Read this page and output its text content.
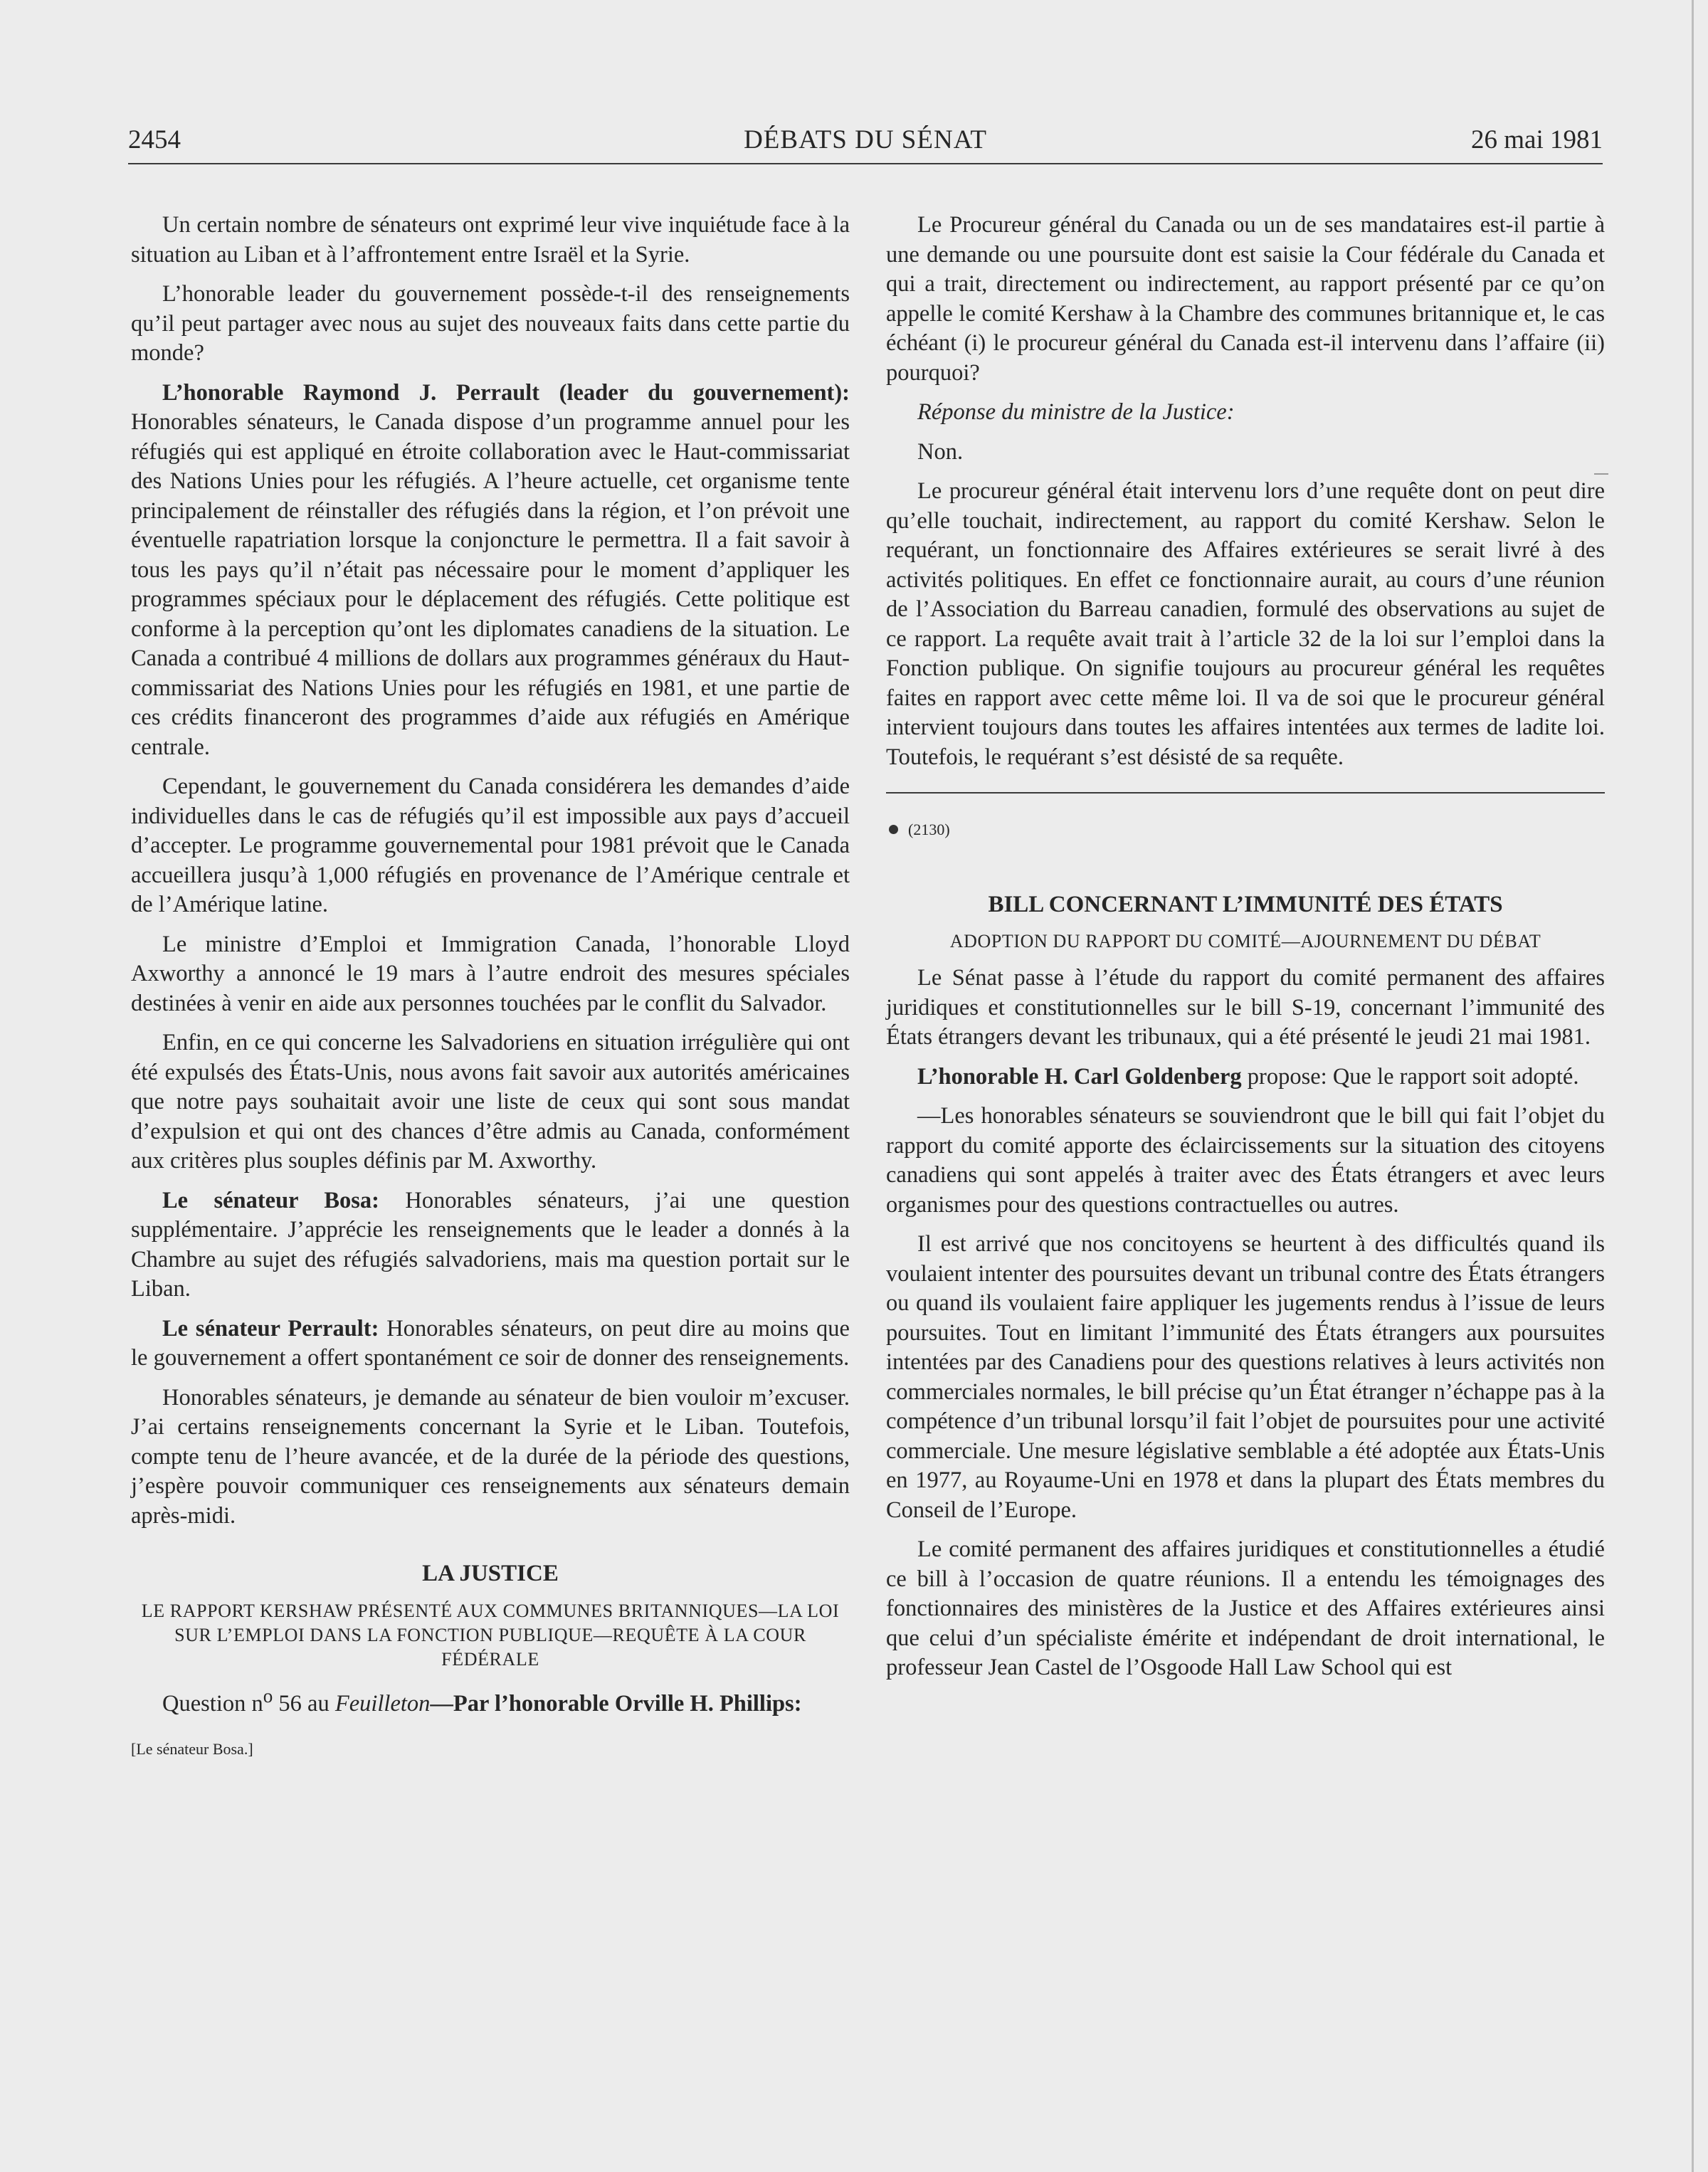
2454	DÉBATS DU SÉNAT	26 mai 1981

Un certain nombre de sénateurs ont exprimé leur vive inquiétude face à la situation au Liban et à l’affrontement entre Israël et la Syrie.

L’honorable leader du gouvernement possède-t-il des renseignements qu’il peut partager avec nous au sujet des nouveaux faits dans cette partie du monde?

L’honorable Raymond J. Perrault (leader du gouvernement): Honorables sénateurs, le Canada dispose d’un programme annuel pour les réfugiés qui est appliqué en étroite collaboration avec le Haut-commissariat des Nations Unies pour les réfugiés. A l’heure actuelle, cet organisme tente principalement de réinstaller des réfugiés dans la région, et l’on prévoit une éventuelle rapatriation lorsque la conjoncture le permettra. Il a fait savoir à tous les pays qu’il n’était pas nécessaire pour le moment d’appliquer les programmes spéciaux pour le déplacement des réfugiés. Cette politique est conforme à la perception qu’ont les diplomates canadiens de la situation. Le Canada a contribué 4 millions de dollars aux programmes généraux du Haut-commissariat des Nations Unies pour les réfugiés en 1981, et une partie de ces crédits financeront des programmes d’aide aux réfugiés en Amérique centrale.

Cependant, le gouvernement du Canada considérera les demandes d’aide individuelles dans le cas de réfugiés qu’il est impossible aux pays d’accueil d’accepter. Le programme gouvernemental pour 1981 prévoit que le Canada accueillera jusqu’à 1,000 réfugiés en provenance de l’Amérique centrale et de l’Amérique latine.

Le ministre d’Emploi et Immigration Canada, l’honorable Lloyd Axworthy a annoncé le 19 mars à l’autre endroit des mesures spéciales destinées à venir en aide aux personnes touchées par le conflit du Salvador.

Enfin, en ce qui concerne les Salvadoriens en situation irrégulière qui ont été expulsés des États-Unis, nous avons fait savoir aux autorités américaines que notre pays souhaitait avoir une liste de ceux qui sont sous mandat d’expulsion et qui ont des chances d’être admis au Canada, conformément aux critères plus souples définis par M. Axworthy.

Le sénateur Bosa: Honorables sénateurs, j’ai une question supplémentaire. J’apprécie les renseignements que le leader a donnés à la Chambre au sujet des réfugiés salvadoriens, mais ma question portait sur le Liban.

Le sénateur Perrault: Honorables sénateurs, on peut dire au moins que le gouvernement a offert spontanément ce soir de donner des renseignements.

Honorables sénateurs, je demande au sénateur de bien vouloir m’excuser. J’ai certains renseignements concernant la Syrie et le Liban. Toutefois, compte tenu de l’heure avancée, et de la durée de la période des questions, j’espère pouvoir communiquer ces renseignements aux sénateurs demain après-midi.

LA JUSTICE
LE RAPPORT KERSHAW PRÉSENTÉ AUX COMMUNES BRITANNIQUES—LA LOI SUR L’EMPLOI DANS LA FONCTION PUBLIQUE—REQUÊTE À LA COUR FÉDÉRALE

Question $n^o$ 56 au Feuilleton—Par l’honorable Orville H. Phillips:

[Le sénateur Bosa.]

Le Procureur général du Canada ou un de ses mandataires est-il partie à une demande ou une poursuite dont est saisie la Cour fédérale du Canada et qui a trait, directement ou indirectement, au rapport présenté par ce qu’on appelle le comité Kershaw à la Chambre des communes britannique et, le cas échéant (i) le procureur général du Canada est-il intervenu dans l’affaire (ii) pourquoi?

Réponse du ministre de la Justice:

Non.

Le procureur général était intervenu lors d’une requête dont on peut dire qu’elle touchait, indirectement, au rapport du comité Kershaw. Selon le requérant, un fonctionnaire des Affaires extérieures se serait livré à des activités politiques. En effet ce fonctionnaire aurait, au cours d’une réunion de l’Association du Barreau canadien, formulé des observations au sujet de ce rapport. La requête avait trait à l’article 32 de la loi sur l’emploi dans la Fonction publique. On signifie toujours au procureur général les requêtes faites en rapport avec cette même loi. Il va de soi que le procureur général intervient toujours dans toutes les affaires intentées aux termes de ladite loi. Toutefois, le requérant s’est désisté de sa requête.

(2130)
BILL CONCERNANT L’IMMUNITÉ DES ÉTATS
ADOPTION DU RAPPORT DU COMITÉ—AJOURNEMENT DU DÉBAT

Le Sénat passe à l’étude du rapport du comité permanent des affaires juridiques et constitutionnelles sur le bill S-19, concernant l’immunité des États étrangers devant les tribunaux, qui a été présenté le jeudi 21 mai 1981.

L’honorable H. Carl Goldenberg propose: Que le rapport soit adopté.

—Les honorables sénateurs se souviendront que le bill qui fait l’objet du rapport du comité apporte des éclaircissements sur la situation des citoyens canadiens qui sont appelés à traiter avec des États étrangers et avec leurs organismes pour des questions contractuelles ou autres.

Il est arrivé que nos concitoyens se heurtent à des difficultés quand ils voulaient intenter des poursuites devant un tribunal contre des États étrangers ou quand ils voulaient faire appliquer les jugements rendus à l’issue de leurs poursuites. Tout en limitant l’immunité des États étrangers aux poursuites intentées par des Canadiens pour des questions relatives à leurs activités non commerciales normales, le bill précise qu’un État étranger n’échappe pas à la compétence d’un tribunal lorsqu’il fait l’objet de poursuites pour une activité commerciale. Une mesure législative semblable a été adoptée aux États-Unis en 1977, au Royaume-Uni en 1978 et dans la plupart des États membres du Conseil de l’Europe.

Le comité permanent des affaires juridiques et constitutionnelles a étudié ce bill à l’occasion de quatre réunions. Il a entendu les témoignages des fonctionnaires des ministères de la Justice et des Affaires extérieures ainsi que celui d’un spécialiste émérite et indépendant de droit international, le professeur Jean Castel de l’Osgoode Hall Law School qui est
